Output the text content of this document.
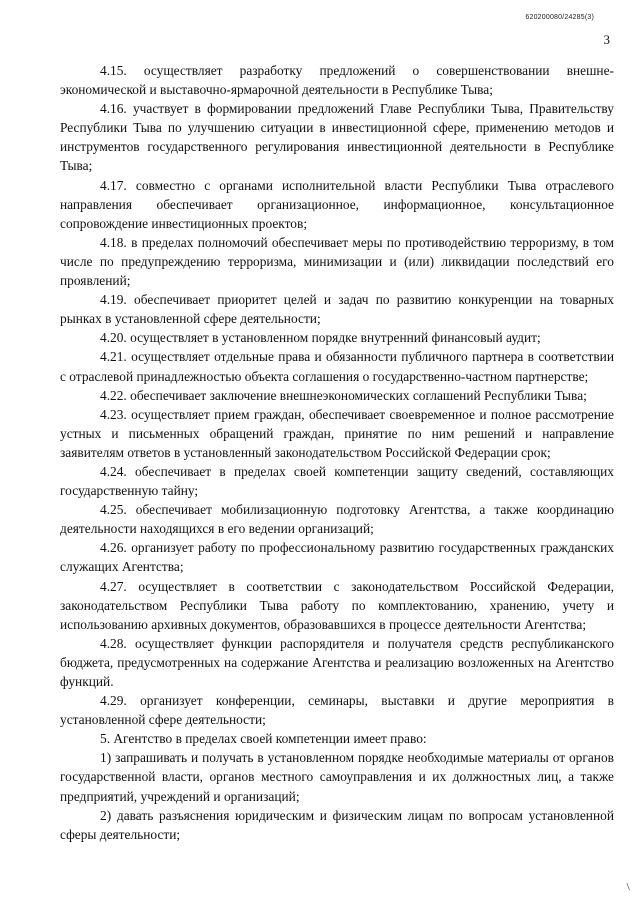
620200080/24285(3)
3

4.15. осуществляет разработку предложений о совершенствовании внешне-экономической и выставочно-ярмарочной деятельности в Республике Тыва;

4.16. участвует в формировании предложений Главе Республики Тыва, Правительству Республики Тыва по улучшению ситуации в инвестиционной сфере, применению методов и инструментов государственного регулирования инвестиционной деятельности в Республике Тыва;

4.17. совместно с органами исполнительной власти Республики Тыва отраслевого направления обеспечивает организационное, информационное, консультационное сопровождение инвестиционных проектов;

4.18. в пределах полномочий обеспечивает меры по противодействию терроризму, в том числе по предупреждению терроризма, минимизации и (или) ликвидации последствий его проявлений;

4.19. обеспечивает приоритет целей и задач по развитию конкуренции на товарных рынках в установленной сфере деятельности;

4.20. осуществляет в установленном порядке внутренний финансовый аудит;

4.21. осуществляет отдельные права и обязанности публичного партнера в соответствии с отраслевой принадлежностью объекта соглашения о государственно-частном партнерстве;

4.22. обеспечивает заключение внешнеэкономических соглашений Республики Тыва;

4.23. осуществляет прием граждан, обеспечивает своевременное и полное рассмотрение устных и письменных обращений граждан, принятие по ним решений и направление заявителям ответов в установленный законодательством Российской Федерации срок;

4.24. обеспечивает в пределах своей компетенции защиту сведений, составляющих государственную тайну;

4.25. обеспечивает мобилизационную подготовку Агентства, а также координацию деятельности находящихся в его ведении организаций;

4.26. организует работу по профессиональному развитию государственных гражданских служащих Агентства;

4.27. осуществляет в соответствии с законодательством Российской Федерации, законодательством Республики Тыва работу по комплектованию, хранению, учету и использованию архивных документов, образовавшихся в процессе деятельности Агентства;

4.28. осуществляет функции распорядителя и получателя средств республиканского бюджета, предусмотренных на содержание Агентства и реализацию возложенных на Агентство функций.

4.29. организует конференции, семинары, выставки и другие мероприятия в установленной сфере деятельности;

5. Агентство в пределах своей компетенции имеет право:

1) запрашивать и получать в установленном порядке необходимые материалы от органов государственной власти, органов местного самоуправления и их должностных лиц, а также предприятий, учреждений и организаций;

2) давать разъяснения юридическим и физическим лицам по вопросам установленной сферы деятельности;

/
